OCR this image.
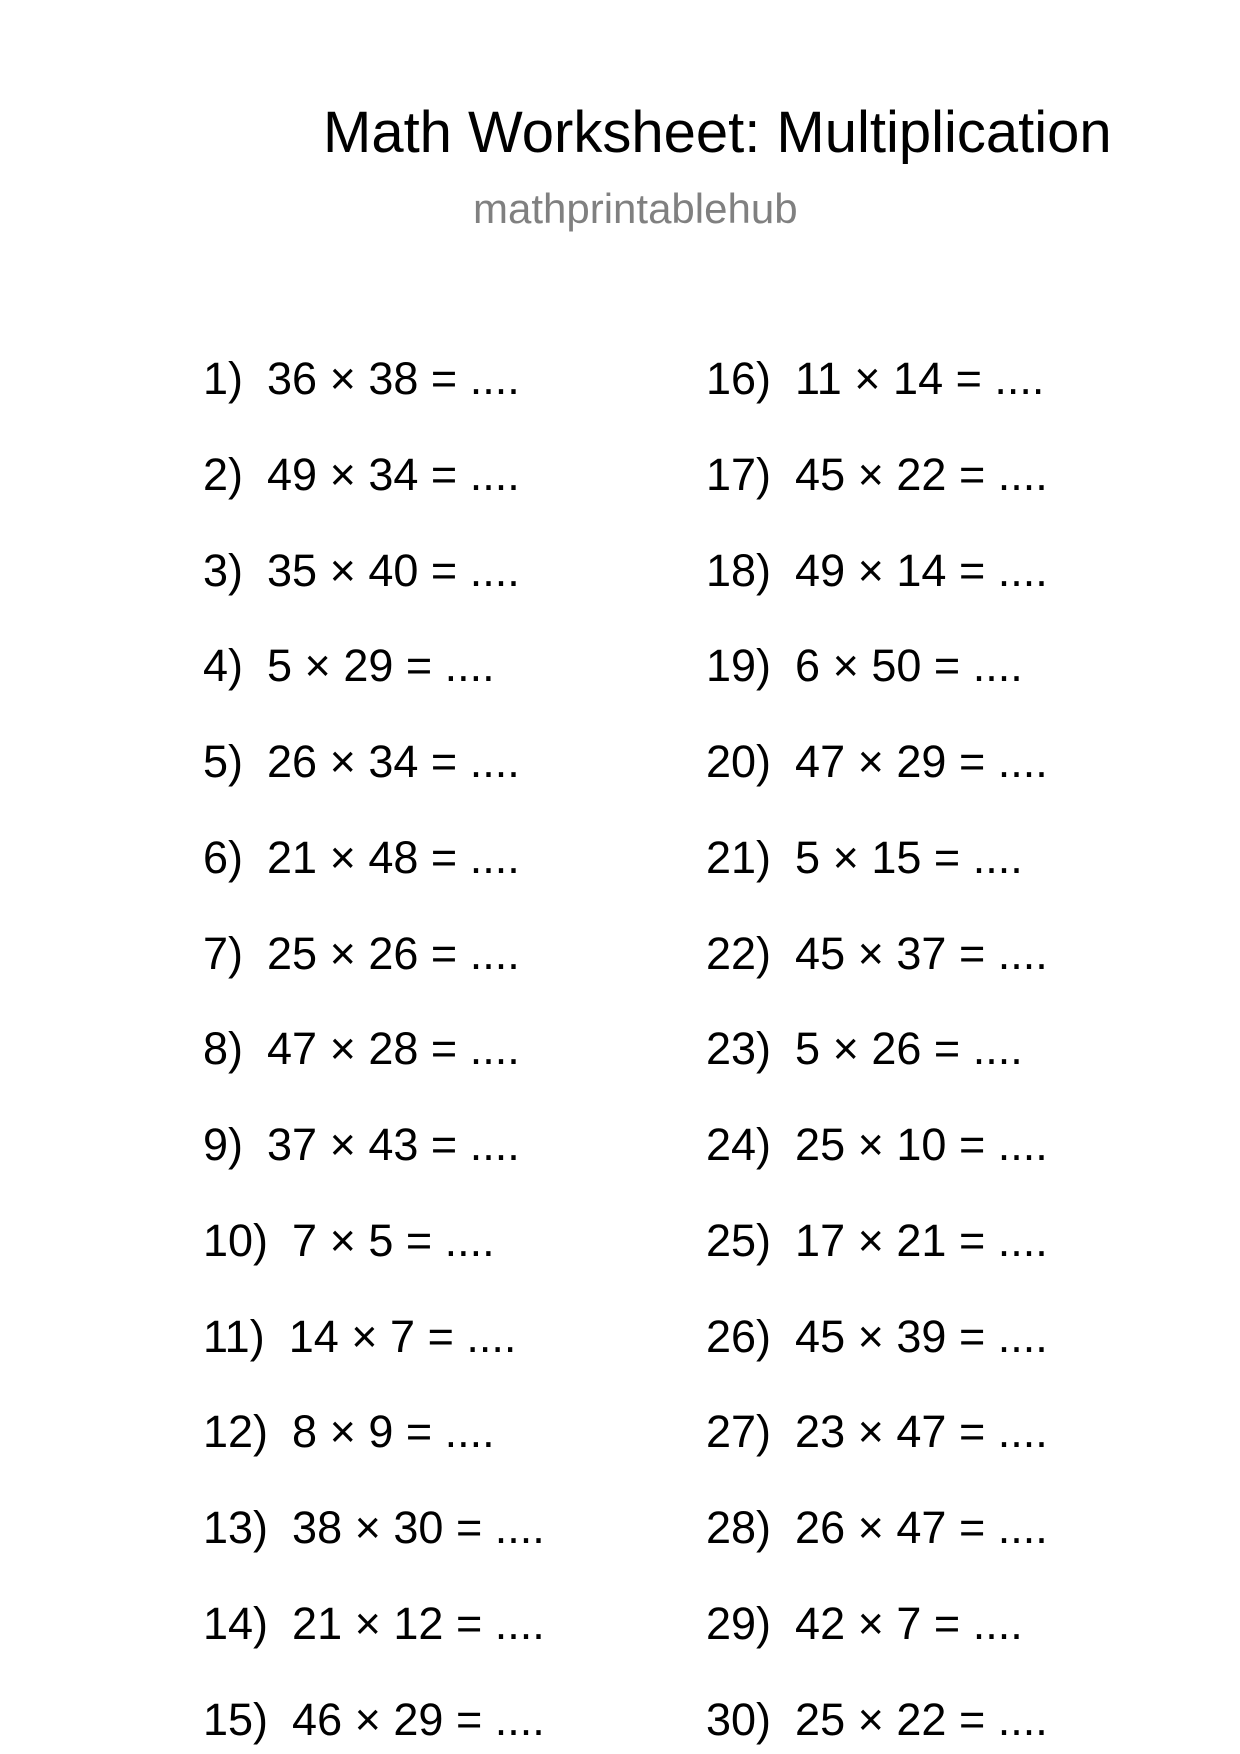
Math Worksheet: Multiplication
mathprintablehub
1) 36 × 38 = ....
2) 49 × 34 = ....
3) 35 × 40 = ....
4) 5 × 29 = ....
5) 26 × 34 = ....
6) 21 × 48 = ....
7) 25 × 26 = ....
8) 47 × 28 = ....
9) 37 × 43 = ....
10) 7 × 5 = ....
11) 14 × 7 = ....
12) 8 × 9 = ....
13) 38 × 30 = ....
14) 21 × 12 = ....
15) 46 × 29 = ....
16) 11 × 14 = ....
17) 45 × 22 = ....
18) 49 × 14 = ....
19) 6 × 50 = ....
20) 47 × 29 = ....
21) 5 × 15 = ....
22) 45 × 37 = ....
23) 5 × 26 = ....
24) 25 × 10 = ....
25) 17 × 21 = ....
26) 45 × 39 = ....
27) 23 × 47 = ....
28) 26 × 47 = ....
29) 42 × 7 = ....
30) 25 × 22 = ....
